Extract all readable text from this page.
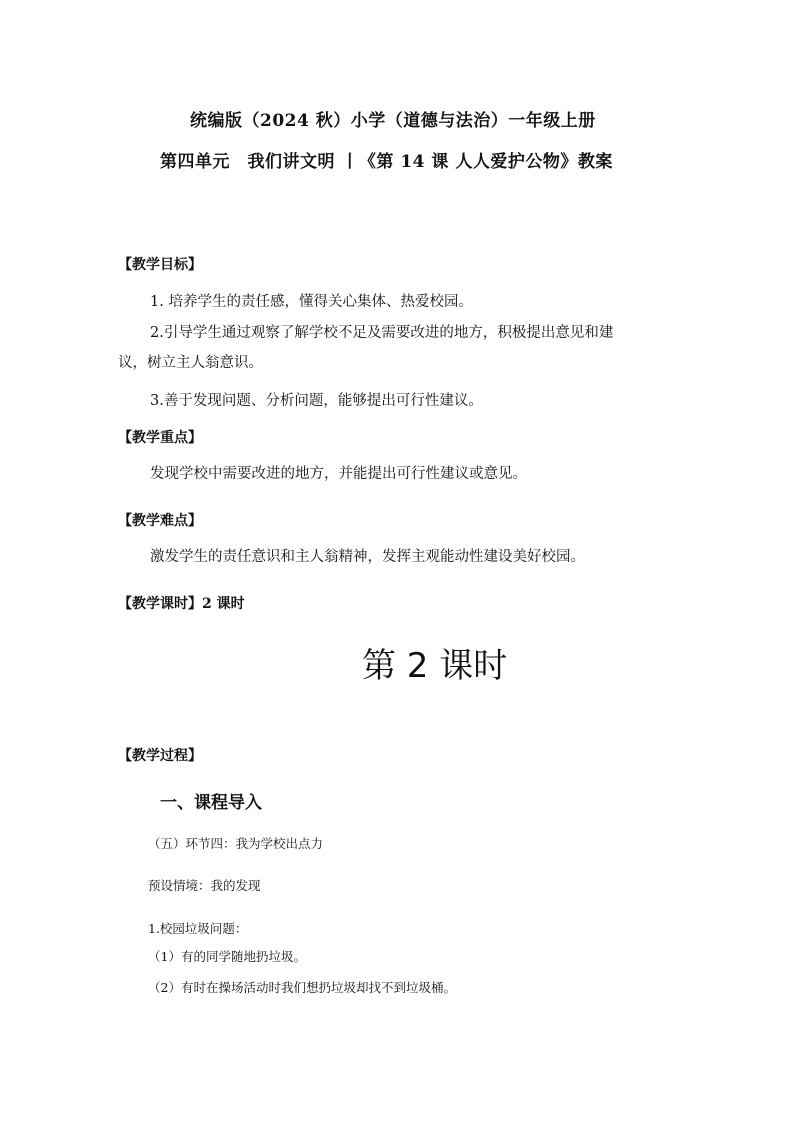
统编版（2024 秋）小学（道德与法治）一年级上册
第四单元　我们讲文明 丨《第 14 课 人人爱护公物》教案
【教学目标】
1. 培养学生的责任感，懂得关心集体、热爱校园。
2.引导学生通过观察了解学校不足及需要改进的地方，积极提出意见和建
议，树立主人翁意识。
3.善于发现问题、分析问题，能够提出可行性建议。
【教学重点】
发现学校中需要改进的地方，并能提出可行性建议或意见。
【教学难点】
激发学生的责任意识和主人翁精神，发挥主观能动性建设美好校园。
【教学课时】2 课时
第 2 课时
【教学过程】
一、课程导入
（五）环节四：我为学校出点力
预设情境：我的发现
1.校园垃圾问题：
（1）有的同学随地扔垃圾。
（2）有时在操场活动时我们想扔垃圾却找不到垃圾桶。
